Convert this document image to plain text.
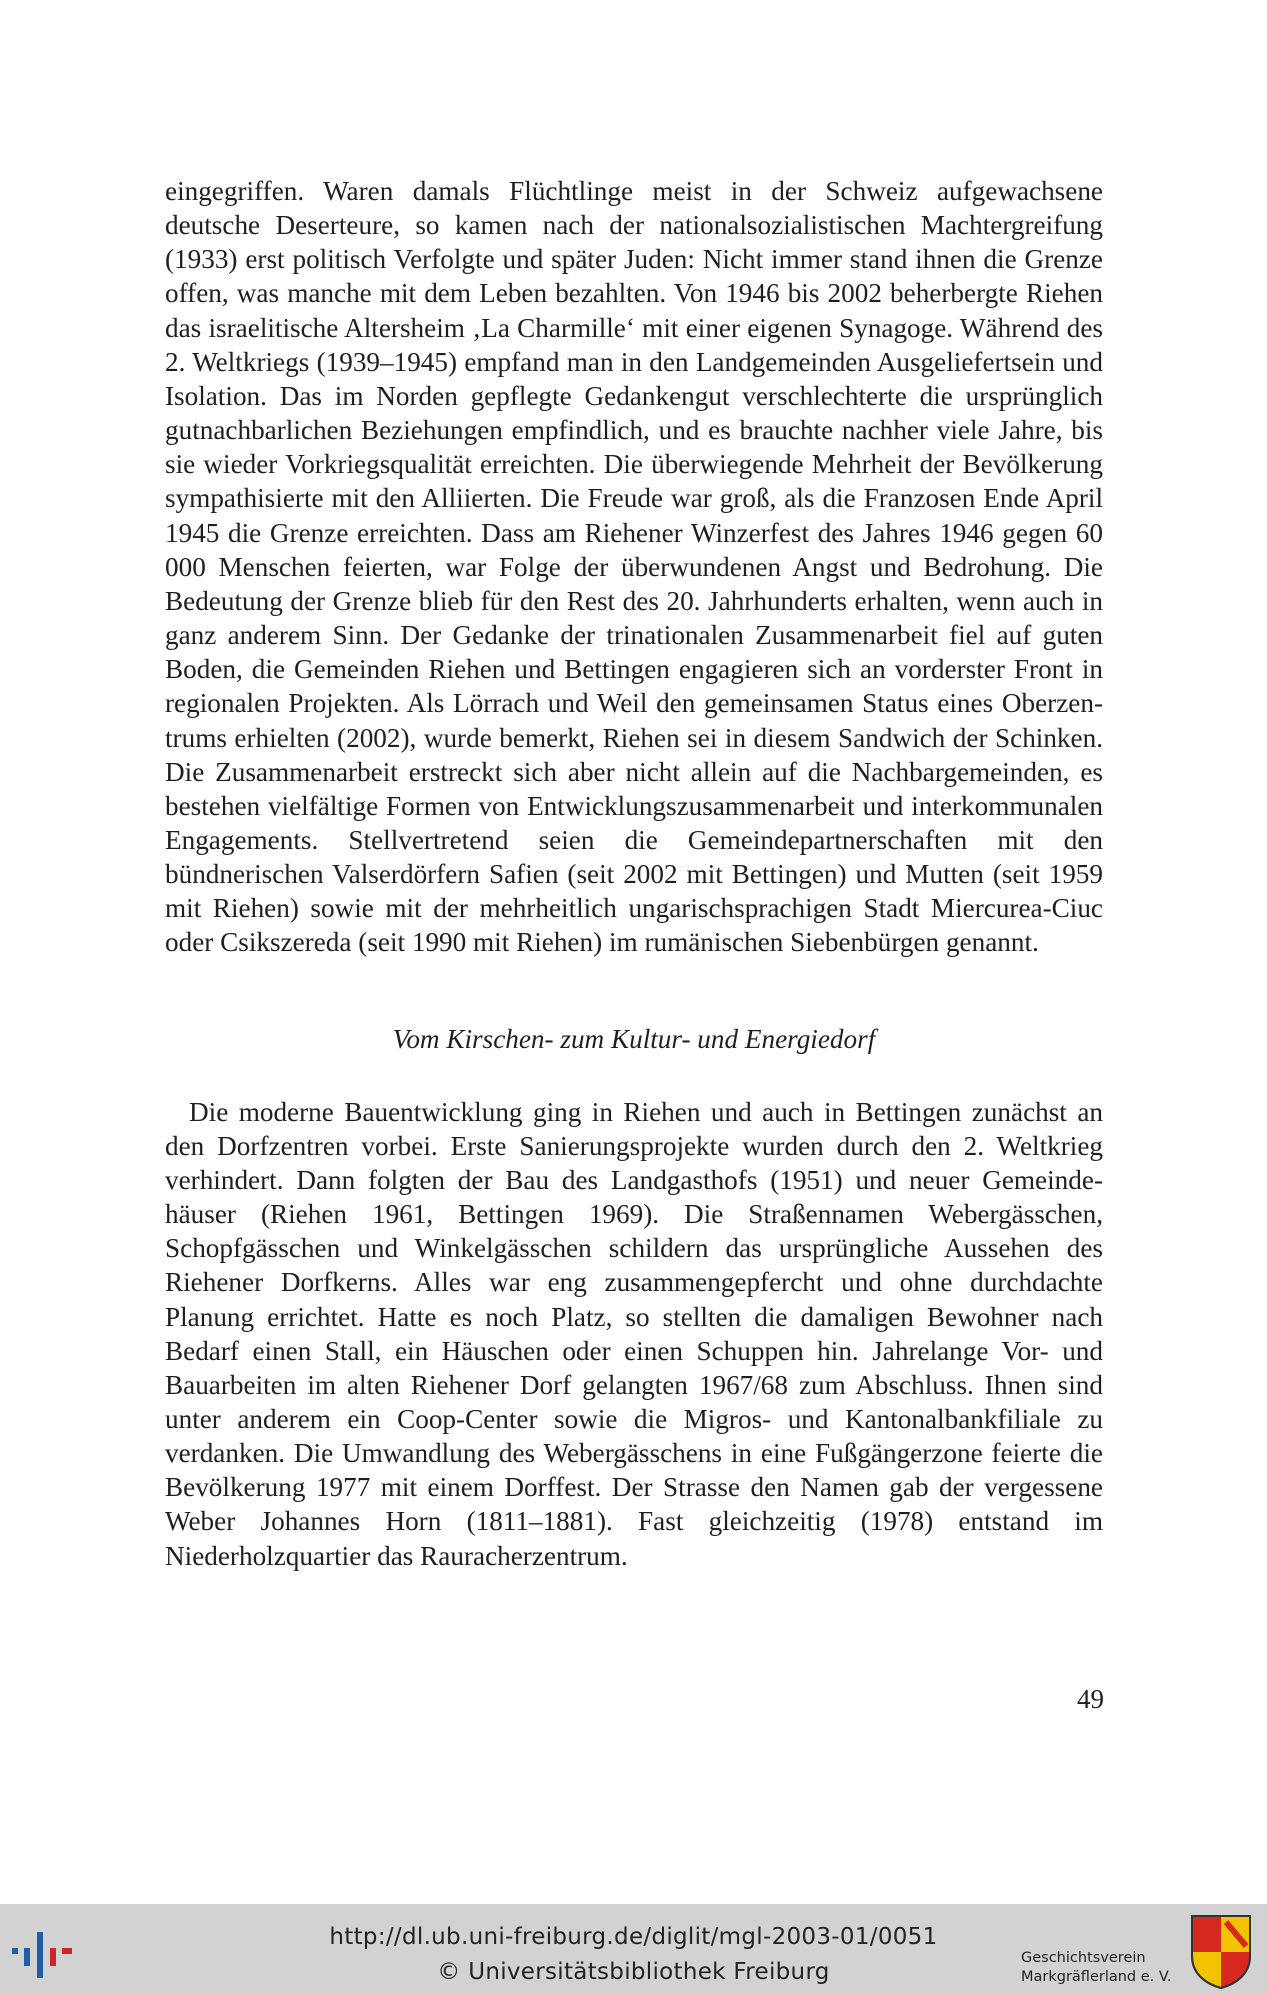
eingegriffen. Waren damals Flüchtlinge meist in der Schweiz aufgewachsene deutsche Deserteure, so kamen nach der nationalsozialistischen Machtergreifung (1933) erst politisch Verfolgte und später Juden: Nicht immer stand ihnen die Grenze offen, was manche mit dem Leben bezahlten. Von 1946 bis 2002 beherbergte Riehen das israelitische Altersheim ‚La Charmille‘ mit einer eigenen Synagoge. Während des 2. Weltkriegs (1939–1945) empfand man in den Landgemeinden Ausgeliefertsein und Isolation. Das im Norden gepflegte Gedankengut verschlechterte die ursprünglich gutnachbarlichen Beziehungen empfindlich, und es brauchte nachher viele Jahre, bis sie wieder Vorkriegsqualität erreichten. Die überwiegende Mehrheit der Bevölkerung sympathisierte mit den Alliierten. Die Freude war groß, als die Franzosen Ende April 1945 die Grenze erreichten. Dass am Riehener Winzerfest des Jahres 1946 gegen 60 000 Menschen feierten, war Folge der überwundenen Angst und Bedrohung. Die Bedeutung der Grenze blieb für den Rest des 20. Jahrhunderts erhalten, wenn auch in ganz anderem Sinn. Der Gedanke der trinationalen Zusammenarbeit fiel auf guten Boden, die Gemeinden Riehen und Bettingen engagieren sich an vorderster Front in regionalen Projekten. Als Lörrach und Weil den gemeinsamen Status eines Oberzentrums erhielten (2002), wurde bemerkt, Riehen sei in diesem Sandwich der Schinken. Die Zusammenarbeit erstreckt sich aber nicht allein auf die Nachbargemeinden, es bestehen vielfältige Formen von Entwicklungszusammenarbeit und interkommunalen Engagements. Stellvertretend seien die Gemeindepartnerschaften mit den bündnerischen Valserdörfern Safien (seit 2002 mit Bettingen) und Mutten (seit 1959 mit Riehen) sowie mit der mehrheitlich ungarischsprachigen Stadt Miercurea-Ciuc oder Csikszereda (seit 1990 mit Riehen) im rumänischen Siebenbürgen genannt.

Vom Kirschen- zum Kultur- und Energiedorf

Die moderne Bauentwicklung ging in Riehen und auch in Bettingen zunächst an den Dorfzentren vorbei. Erste Sanierungsprojekte wurden durch den 2. Weltkrieg verhindert. Dann folgten der Bau des Landgasthofs (1951) und neuer Gemeindehäuser (Riehen 1961, Bettingen 1969). Die Straßennamen Webergässchen, Schopfgässchen und Winkelgässchen schildern das ursprüngliche Aussehen des Riehener Dorfkerns. Alles war eng zusammengepfercht und ohne durchdachte Planung errichtet. Hatte es noch Platz, so stellten die damaligen Bewohner nach Bedarf einen Stall, ein Häuschen oder einen Schuppen hin. Jahrelange Vor- und Bauarbeiten im alten Riehener Dorf gelangten 1967/68 zum Abschluss. Ihnen sind unter anderem ein Coop-Center sowie die Migros- und Kantonalbankfiliale zu verdanken. Die Umwandlung des Webergässchens in eine Fußgängerzone feierte die Bevölkerung 1977 mit einem Dorffest. Der Strasse den Namen gab der vergessene Weber Johannes Horn (1811–1881). Fast gleichzeitig (1978) entstand im Niederholzquartier das Rauracherzentrum.

49
http://dl.ub.uni-freiburg.de/diglit/mgl-2003-01/0051
© Universitätsbibliothek Freiburg
Geschichtsverein
Markgräflerland e. V.
